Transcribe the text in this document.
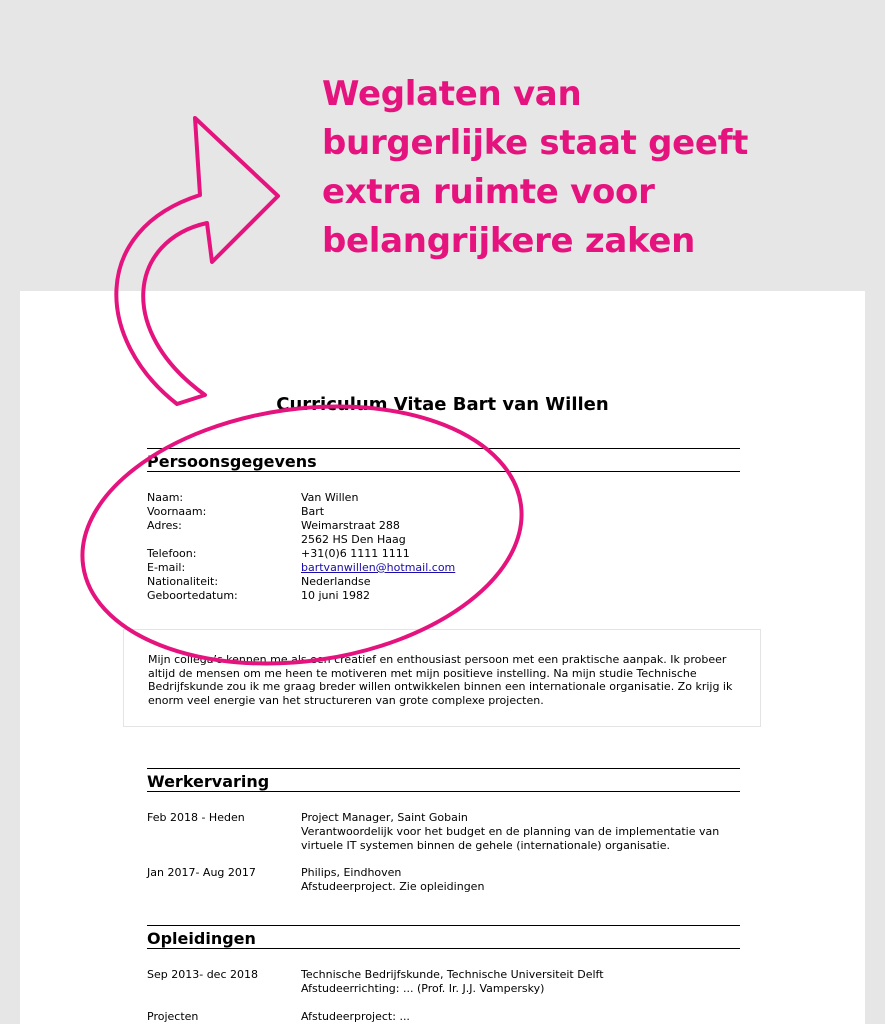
Weglaten van
burgerlijke staat geeft
extra ruimte voor
belangrijkere zaken
Curriculum Vitae Bart van Willen
Persoonsgegevens
Naam:	Van Willen
Voornaam:	Bart
Adres:	Weimarstraat 288
2562 HS Den Haag
Telefoon:	+31(0)6 1111 1111
E-mail:	bartvanwillen@hotmail.com
Nationaliteit:	Nederlandse
Geboortedatum:	10 juni 1982
Mijn collega’s kennen me als een creatief en enthousiast persoon met een praktische aanpak. Ik probeer altijd de mensen om me heen te motiveren met mijn positieve instelling. Na mijn studie Technische Bedrijfskunde zou ik me graag breder willen ontwikkelen binnen een internationale organisatie. Zo krijg ik enorm veel energie van het structureren van grote complexe projecten.
Werkervaring
Feb 2018 - Heden	Project Manager, Saint Gobain
Verantwoordelijk voor het budget en de planning van de implementatie van virtuele IT systemen binnen de gehele (internationale) organisatie.
Jan 2017- Aug 2017	Philips, Eindhoven
Afstudeerproject. Zie opleidingen
Opleidingen
Sep 2013- dec 2018	Technische Bedrijfskunde, Technische Universiteit Delft
Afstudeerrichting: ... (Prof. Ir. J.J. Vampersky)
Projecten	Afstudeerproject: ...
